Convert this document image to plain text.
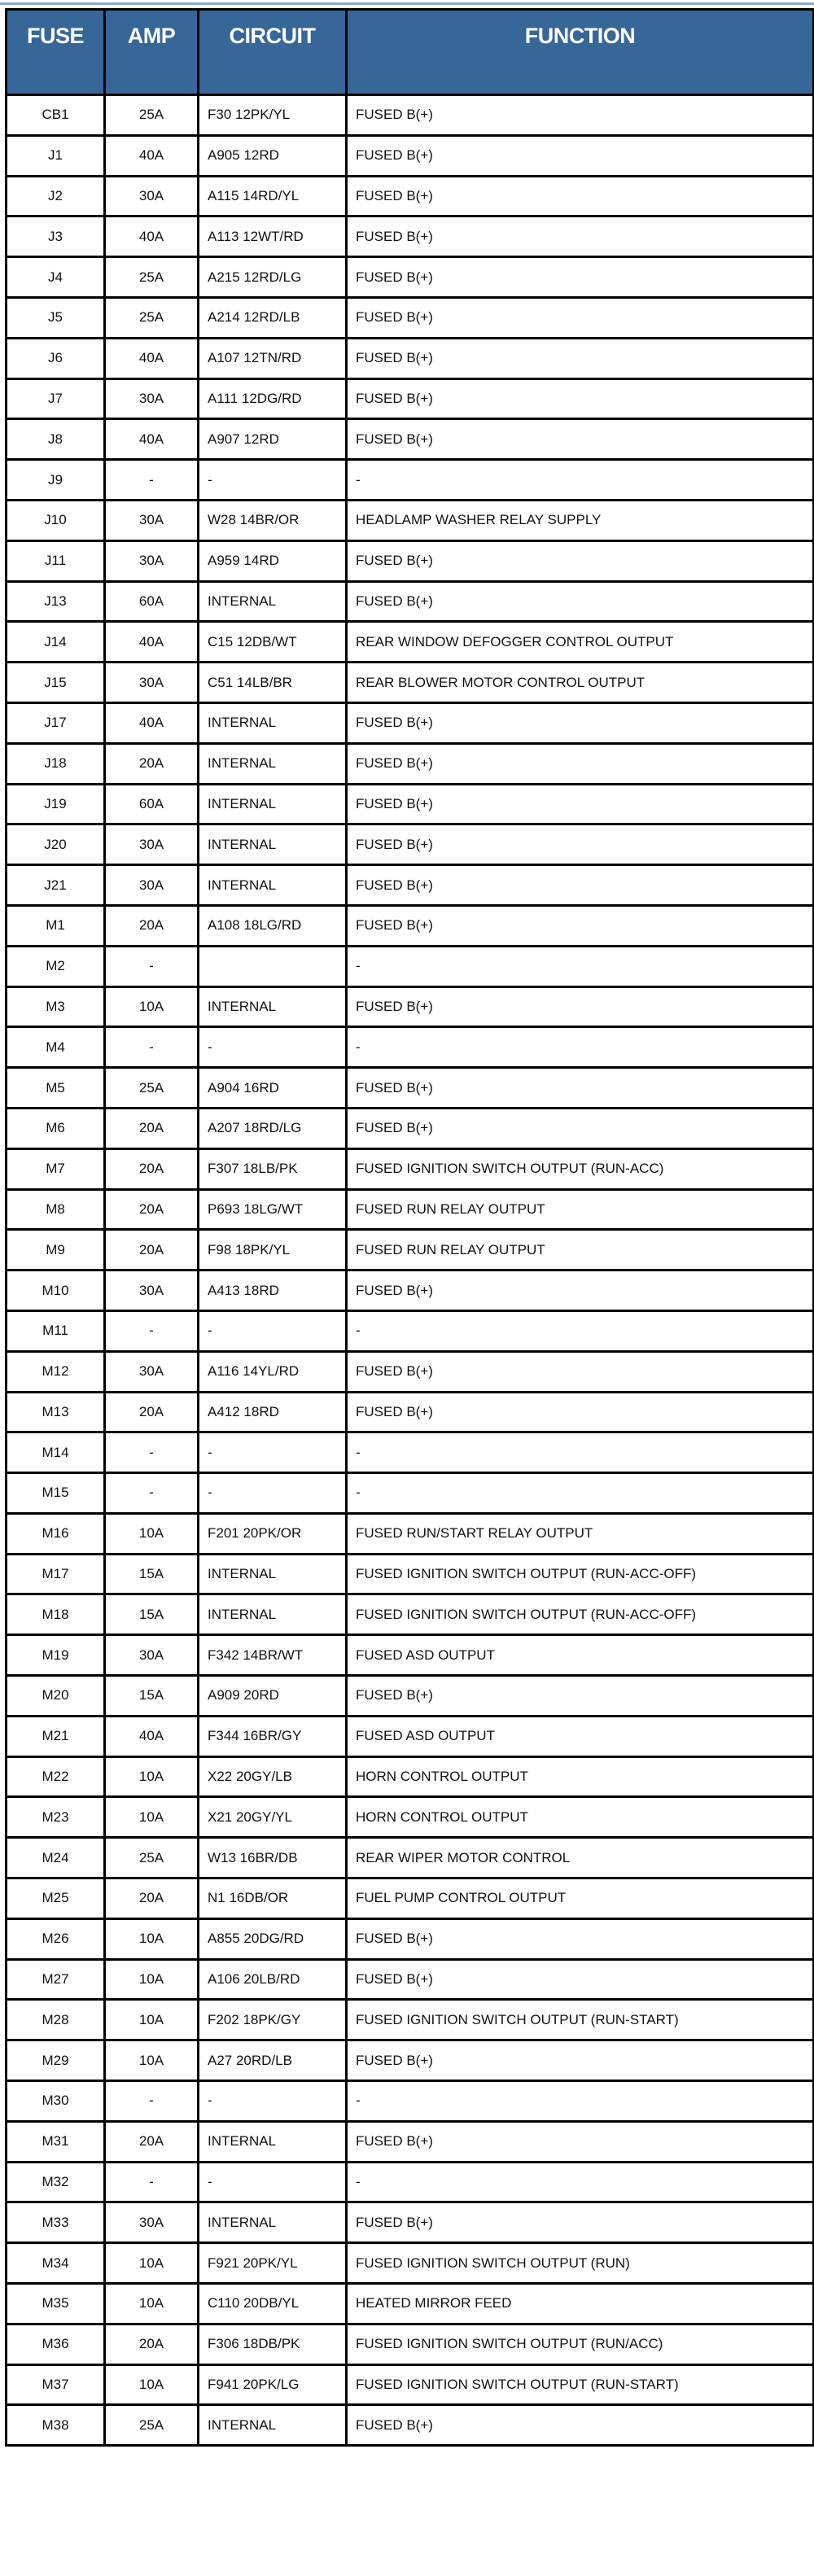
FUSE	AMP	CIRCUIT	FUNCTION
CB1	25A	F30 12PK/YL	FUSED B(+)
J1	40A	A905 12RD	FUSED B(+)
J2	30A	A115 14RD/YL	FUSED B(+)
J3	40A	A113 12WT/RD	FUSED B(+)
J4	25A	A215 12RD/LG	FUSED B(+)
J5	25A	A214 12RD/LB	FUSED B(+)
J6	40A	A107 12TN/RD	FUSED B(+)
J7	30A	A111 12DG/RD	FUSED B(+)
J8	40A	A907 12RD	FUSED B(+)
J9	-	-	-
J10	30A	W28 14BR/OR	HEADLAMP WASHER RELAY SUPPLY
J11	30A	A959 14RD	FUSED B(+)
J13	60A	INTERNAL	FUSED B(+)
J14	40A	C15 12DB/WT	REAR WINDOW DEFOGGER CONTROL OUTPUT
J15	30A	C51 14LB/BR	REAR BLOWER MOTOR CONTROL OUTPUT
J17	40A	INTERNAL	FUSED B(+)
J18	20A	INTERNAL	FUSED B(+)
J19	60A	INTERNAL	FUSED B(+)
J20	30A	INTERNAL	FUSED B(+)
J21	30A	INTERNAL	FUSED B(+)
M1	20A	A108 18LG/RD	FUSED B(+)
M2	-		-
M3	10A	INTERNAL	FUSED B(+)
M4	-	-	-
M5	25A	A904 16RD	FUSED B(+)
M6	20A	A207 18RD/LG	FUSED B(+)
M7	20A	F307 18LB/PK	FUSED IGNITION SWITCH OUTPUT (RUN-ACC)
M8	20A	P693 18LG/WT	FUSED RUN RELAY OUTPUT
M9	20A	F98 18PK/YL	FUSED RUN RELAY OUTPUT
M10	30A	A413 18RD	FUSED B(+)
M11	-	-	-
M12	30A	A116 14YL/RD	FUSED B(+)
M13	20A	A412 18RD	FUSED B(+)
M14	-	-	-
M15	-	-	-
M16	10A	F201 20PK/OR	FUSED RUN/START RELAY OUTPUT
M17	15A	INTERNAL	FUSED IGNITION SWITCH OUTPUT (RUN-ACC-OFF)
M18	15A	INTERNAL	FUSED IGNITION SWITCH OUTPUT (RUN-ACC-OFF)
M19	30A	F342 14BR/WT	FUSED ASD OUTPUT
M20	15A	A909 20RD	FUSED B(+)
M21	40A	F344 16BR/GY	FUSED ASD OUTPUT
M22	10A	X22 20GY/LB	HORN CONTROL OUTPUT
M23	10A	X21 20GY/YL	HORN CONTROL OUTPUT
M24	25A	W13 16BR/DB	REAR WIPER MOTOR CONTROL
M25	20A	N1 16DB/OR	FUEL PUMP CONTROL OUTPUT
M26	10A	A855 20DG/RD	FUSED B(+)
M27	10A	A106 20LB/RD	FUSED B(+)
M28	10A	F202 18PK/GY	FUSED IGNITION SWITCH OUTPUT (RUN-START)
M29	10A	A27 20RD/LB	FUSED B(+)
M30	-	-	-
M31	20A	INTERNAL	FUSED B(+)
M32	-	-	-
M33	30A	INTERNAL	FUSED B(+)
M34	10A	F921 20PK/YL	FUSED IGNITION SWITCH OUTPUT (RUN)
M35	10A	C110 20DB/YL	HEATED MIRROR FEED
M36	20A	F306 18DB/PK	FUSED IGNITION SWITCH OUTPUT (RUN/ACC)
M37	10A	F941 20PK/LG	FUSED IGNITION SWITCH OUTPUT (RUN-START)
M38	25A	INTERNAL	FUSED B(+)
